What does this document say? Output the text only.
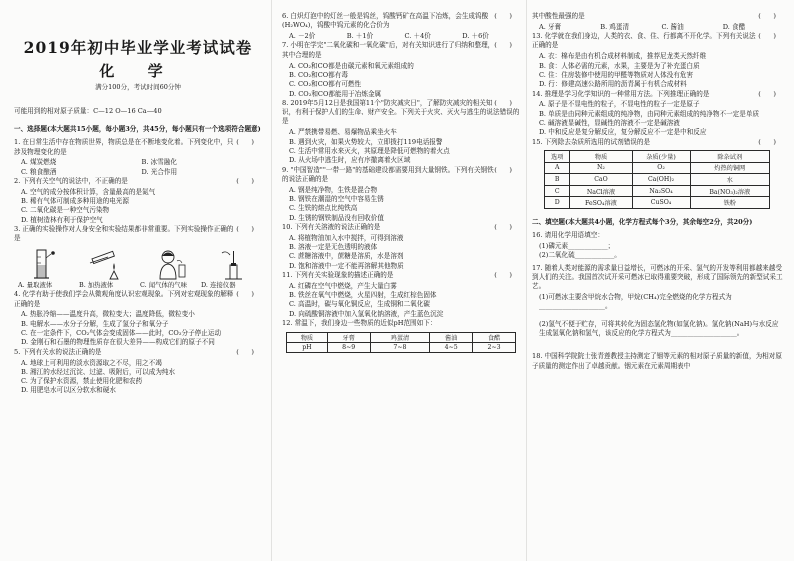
2019年初中毕业学业考试试卷
化 学
满分100分，考试时间60分钟
可能用到的相对原子质量：C—12 O—16 Ca—40
一、选择题(本大题共15小题，每小题3分，共45分，每小题只有一个选项符合题意)
(      )
1. 在日常生活中存在物质世界，物质总是在不断地变化着。下列变化中，只涉及物理变化的是
A. 煤炭燃烧	B. 冰雪融化
C. 粮食酿酒	D. 光合作用
(      )
2. 下列有关空气的说法中，不正确的是
A. 空气的成分按体积计算，含量最高的是氮气
B. 稀有气体可制成多种用途的电光源
C. 二氧化碳是一种空气污染物
D. 植树造林有利于保护空气
(      )
3. 正确的实验操作对人身安全和实验结果都非常重要。下列实验操作正确的是
A. 量取液体	B. 加热液体	C. 闻气体的气味	D. 连接仪器
(      )
4. 化学有助于使我们学会从微观角度认识宏观现象。下列对宏观现象的解释正确的是
A. 热胀冷缩——温度升高，微粒变大；温度降低，微粒变小
B. 电解水——水分子分解，生成了氢分子和氧分子
C. 在一定条件下，CO₂气体会变成固体——此时，CO₂分子停止运动
D. 金刚石和石墨的物理性质存在很大差异——构成它们的原子不同
(      )
5. 下列有关水的说法正确的是
A. 地球上可利用的淡水资源取之不尽，用之不竭
B. 湘江的水经过沉淀、过滤、吸附后，可以成为纯水
C. 为了保护水资源，禁止使用化肥和农药
D. 用肥皂水可以区分软水和硬水
(      )
6. 白炽灯泡中的灯丝一般是钨丝，钨酸钙矿在高温下冶炼，会生成钨酸(H₂WO₄)，钨酸中钨元素的化合价为
A. －2价	B. ＋1价	C. ＋4价	D. ＋6价
(      )
7. 小明在学完"二氧化碳和一氧化碳"后，对有关知识进行了归纳和整理，其中合理的是
A. CO₂和CO都是由碳元素和氧元素组成的
B. CO₂和CO都有毒
C. CO₂和CO都有可燃性
D. CO₂和CO都能用于冶炼金属
(      )
8. 2019年5月12日是我国第11个"防灾减灾日"，了解防灾减灾的相关知识，有利于保护人们的生命、财产安全。下列关于火灾、灭火与逃生的说法错误的是
A. 严禁携带易燃、易爆物品乘坐火车
B. 遇到火灾，如果火势较大，立即拨打119电话报警
C. 生活中常用水来灭火，其原理是降低可燃物的着火点
D. 从火场中逃生时，应有序撤离着火区域
(      )
9. "中国智造""一带一路"的基础建设都需要用到大量钢铁。下列有关钢铁的说法正确的是
A. 钢是纯净物，生铁是混合物
B. 钢铁在潮湿的空气中容易生锈
C. 生铁的熔点比纯铁高
D. 生锈的钢铁制品没有回收价值
(      )
10. 下列有关溶液的说法正确的是
A. 将植物油加入水中搅拌，可得到溶液
B. 溶液一定是无色透明的液体
C. 蔗糖溶液中，蔗糖是溶质，水是溶剂
D. 饱和溶液中一定不能再溶解其他物质
(      )
11. 下列有关实验现象的描述正确的是
A. 红磷在空气中燃烧，产生大量白雾
B. 铁丝在氧气中燃烧，火星四射，生成红棕色固体
C. 高温时，碳与氧化铜反应，生成铜和二氧化碳
D. 向硫酸铜溶液中加入氢氧化钠溶液，产生蓝色沉淀
12. 常温下，我们身边一些物质的近似pH范围如下：
物质	牙膏	鸡蛋清	酱油	食醋
pH	8~9	7~8	4~5	2~3
其中酸性最强的是	(      )
A. 牙膏	B. 鸡蛋清	C. 酱油	D. 食醋
(      )
13. 化学就在我们身边，人类的衣、食、住、行都离不开化学。下列有关说法正确的是
A. 衣：棉布是由有机合成材料制成，推荐尼龙类天然纤维
B. 食：人体必需的元素，水果，主要是为了补充蛋白质
C. 住：住房装修中使用的甲醛等物质对人体没有危害
D. 行：修建高速公路所用的沥青属于有机合成材料
(      )
14. 推理是学习化学知识的一种常用方法。下列推理正确的是
A. 原子是不显电性的粒子，不显电性的粒子一定是原子
B. 单质是由同种元素组成的纯净物，由同种元素组成的纯净物不一定是单质
C. 碱溶液显碱性，显碱性的溶液不一定是碱溶液
D. 中和反应是复分解反应，复分解反应不一定是中和反应
(      )
15. 下列除去杂质所选用的试剂错误的是
选项	物质	杂质(少量)	除杂试剂
A	N₂	O₂	灼热的铜网
B	CaO	Ca(OH)₂	水
C	NaCl溶液	Na₂SO₄	Ba(NO₃)₂溶液
D	FeSO₄溶液	CuSO₄	铁粉
二、填空题(本大题共4小题，化学方程式每个3分，其余每空2分，共20分)
16. 请用化学用语填空：
(1)磷元素____________；
(2)二氧化硫____________。
17. 随着人类对能源的需求量日益增长，可燃冰的开采、氢气的开发等利用都越来越受到人们的关注。我国首次试开采可燃冰已取得重要突破，形成了国际领先的新型试采工艺。
(1)可燃冰主要含甲烷水合物，甲烷(CH₄)完全燃烧的化学方程式为____________________。
(2)氢气不便于贮存，可将其转化为固态氢化物(如氢化钠)。氢化钠(NaH)与水反应生成氢氧化钠和氢气，该反应的化学方程式为____________________。
18. 中国科学院院士张青莲教授主持测定了铟等元素的相对原子质量的新值，为相对原子质量的测定作出了卓越贡献。铟元素在元素周期表中
